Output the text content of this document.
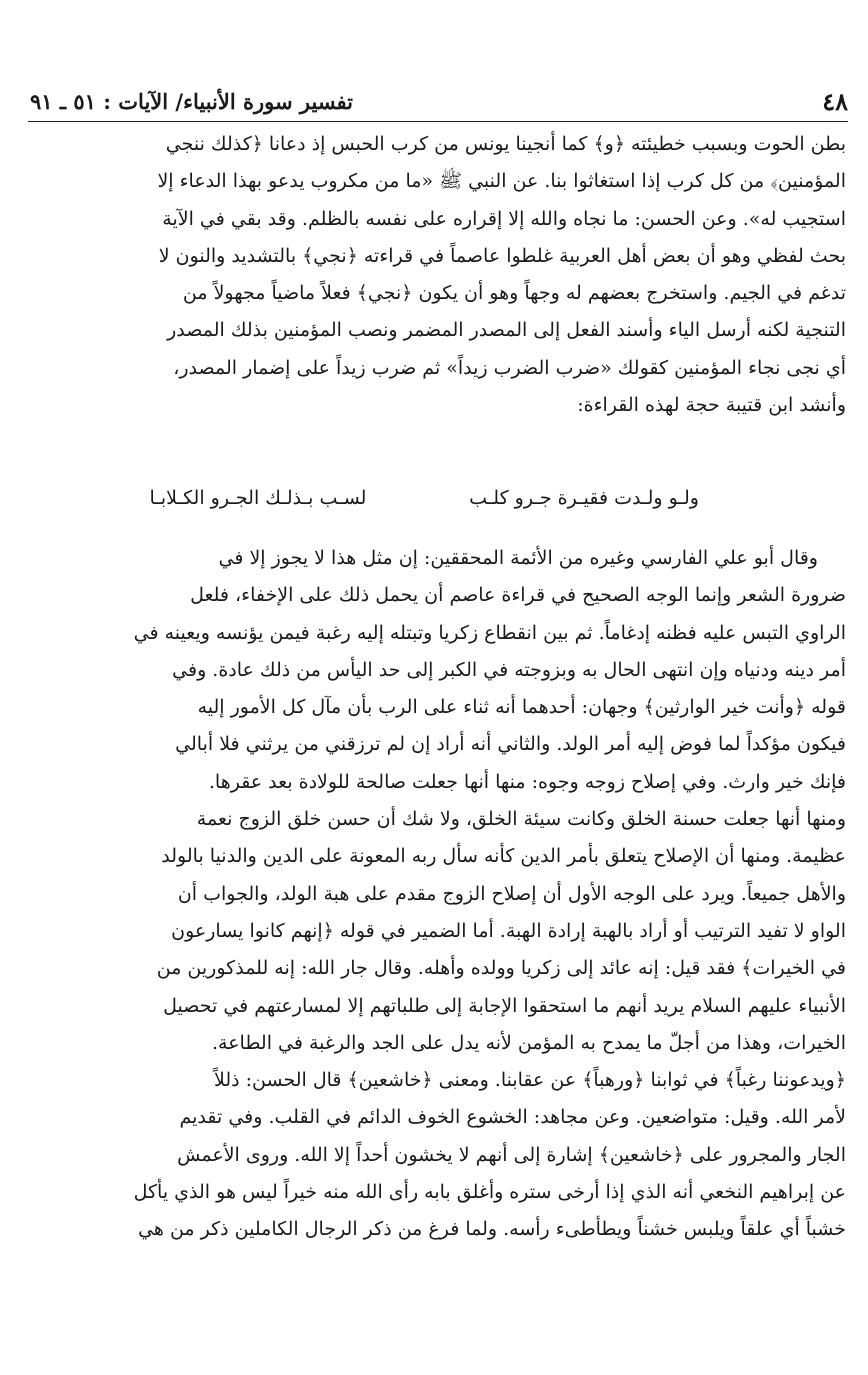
٤٨
تفسير سورة الأنبياء/ الآيات : ٥١ ـ ٩١

بطن الحوت وبسبب خطيئته ﴿و﴾ كما أنجينا يونس من كرب الحبس إذ دعانا ﴿كذلك ننجي

المؤمنين﴾ من كل كرب إذا استغاثوا بنا. عن النبي ﷺ «ما من مكروب يدعو بهذا الدعاء إلا

استجيب له». وعن الحسن: ما نجاه والله إلا إقراره على نفسه بالظلم. وقد بقي في الآية

بحث لفظي وهو أن بعض أهل العربية غلطوا عاصماً في قراءته ﴿نجي﴾ بالتشديد والنون لا

تدغم في الجيم. واستخرج بعضهم له وجهاً وهو أن يكون ﴿نجي﴾ فعلاً ماضياً مجهولاً من

التنجية لكنه أرسل الياء وأسند الفعل إلى المصدر المضمر ونصب المؤمنين بذلك المصدر

أي نجى نجاء المؤمنين كقولك «ضرب الضرب زيداً» ثم ضرب زيداً على إضمار المصدر،

وأنشد ابن قتيبة حجة لهذه القراءة:

ولـو ولـدت فقيـرة جـرو كلـب
لسـب بـذلـك الجـرو الكـلابـا

وقال أبو علي الفارسي وغيره من الأئمة المحققين: إن مثل هذا لا يجوز إلا في

ضرورة الشعر وإنما الوجه الصحيح في قراءة عاصم أن يحمل ذلك على الإخفاء، فلعل

الراوي التبس عليه فظنه إدغاماً. ثم بين انقطاع زكريا وتبتله إليه رغبة فيمن يؤنسه ويعينه في

أمر دينه ودنياه وإن انتهى الحال به وبزوجته في الكبر إلى حد اليأس من ذلك عادة. وفي

قوله ﴿وأنت خير الوارثين﴾ وجهان: أحدهما أنه ثناء على الرب بأن مآل كل الأمور إليه

فيكون مؤكداً لما فوض إليه أمر الولد. والثاني أنه أراد إن لم ترزقني من يرثني فلا أبالي

فإنك خير وارث. وفي إصلاح زوجه وجوه: منها أنها جعلت صالحة للولادة بعد عقرها.

ومنها أنها جعلت حسنة الخلق وكانت سيئة الخلق، ولا شك أن حسن خلق الزوج نعمة

عظيمة. ومنها أن الإصلاح يتعلق بأمر الدين كأنه سأل ربه المعونة على الدين والدنيا بالولد

والأهل جميعاً. ويرد على الوجه الأول أن إصلاح الزوج مقدم على هبة الولد، والجواب أن

الواو لا تفيد الترتيب أو أراد بالهبة إرادة الهبة. أما الضمير في قوله ﴿إنهم كانوا يسارعون

في الخيرات﴾ فقد قيل: إنه عائد إلى زكريا وولده وأهله. وقال جار الله: إنه للمذكورين من

الأنبياء عليهم السلام يريد أنهم ما استحقوا الإجابة إلى طلباتهم إلا لمسارعتهم في تحصيل

الخيرات، وهذا من أجلّ ما يمدح به المؤمن لأنه يدل على الجد والرغبة في الطاعة.

﴿ويدعوننا رغباً﴾ في ثوابنا ﴿ورهباً﴾ عن عقابنا. ومعنى ﴿خاشعين﴾ قال الحسن: ذللاً

لأمر الله. وقيل: متواضعين. وعن مجاهد: الخشوع الخوف الدائم في القلب. وفي تقديم

الجار والمجرور على ﴿خاشعين﴾ إشارة إلى أنهم لا يخشون أحداً إلا الله. وروى الأعمش

عن إبراهيم النخعي أنه الذي إذا أرخى ستره وأغلق بابه رأى الله منه خيراً ليس هو الذي يأكل

خشباً أي علقاً ويلبس خشناً ويطأطىء رأسه. ولما فرغ من ذكر الرجال الكاملين ذكر من هي
